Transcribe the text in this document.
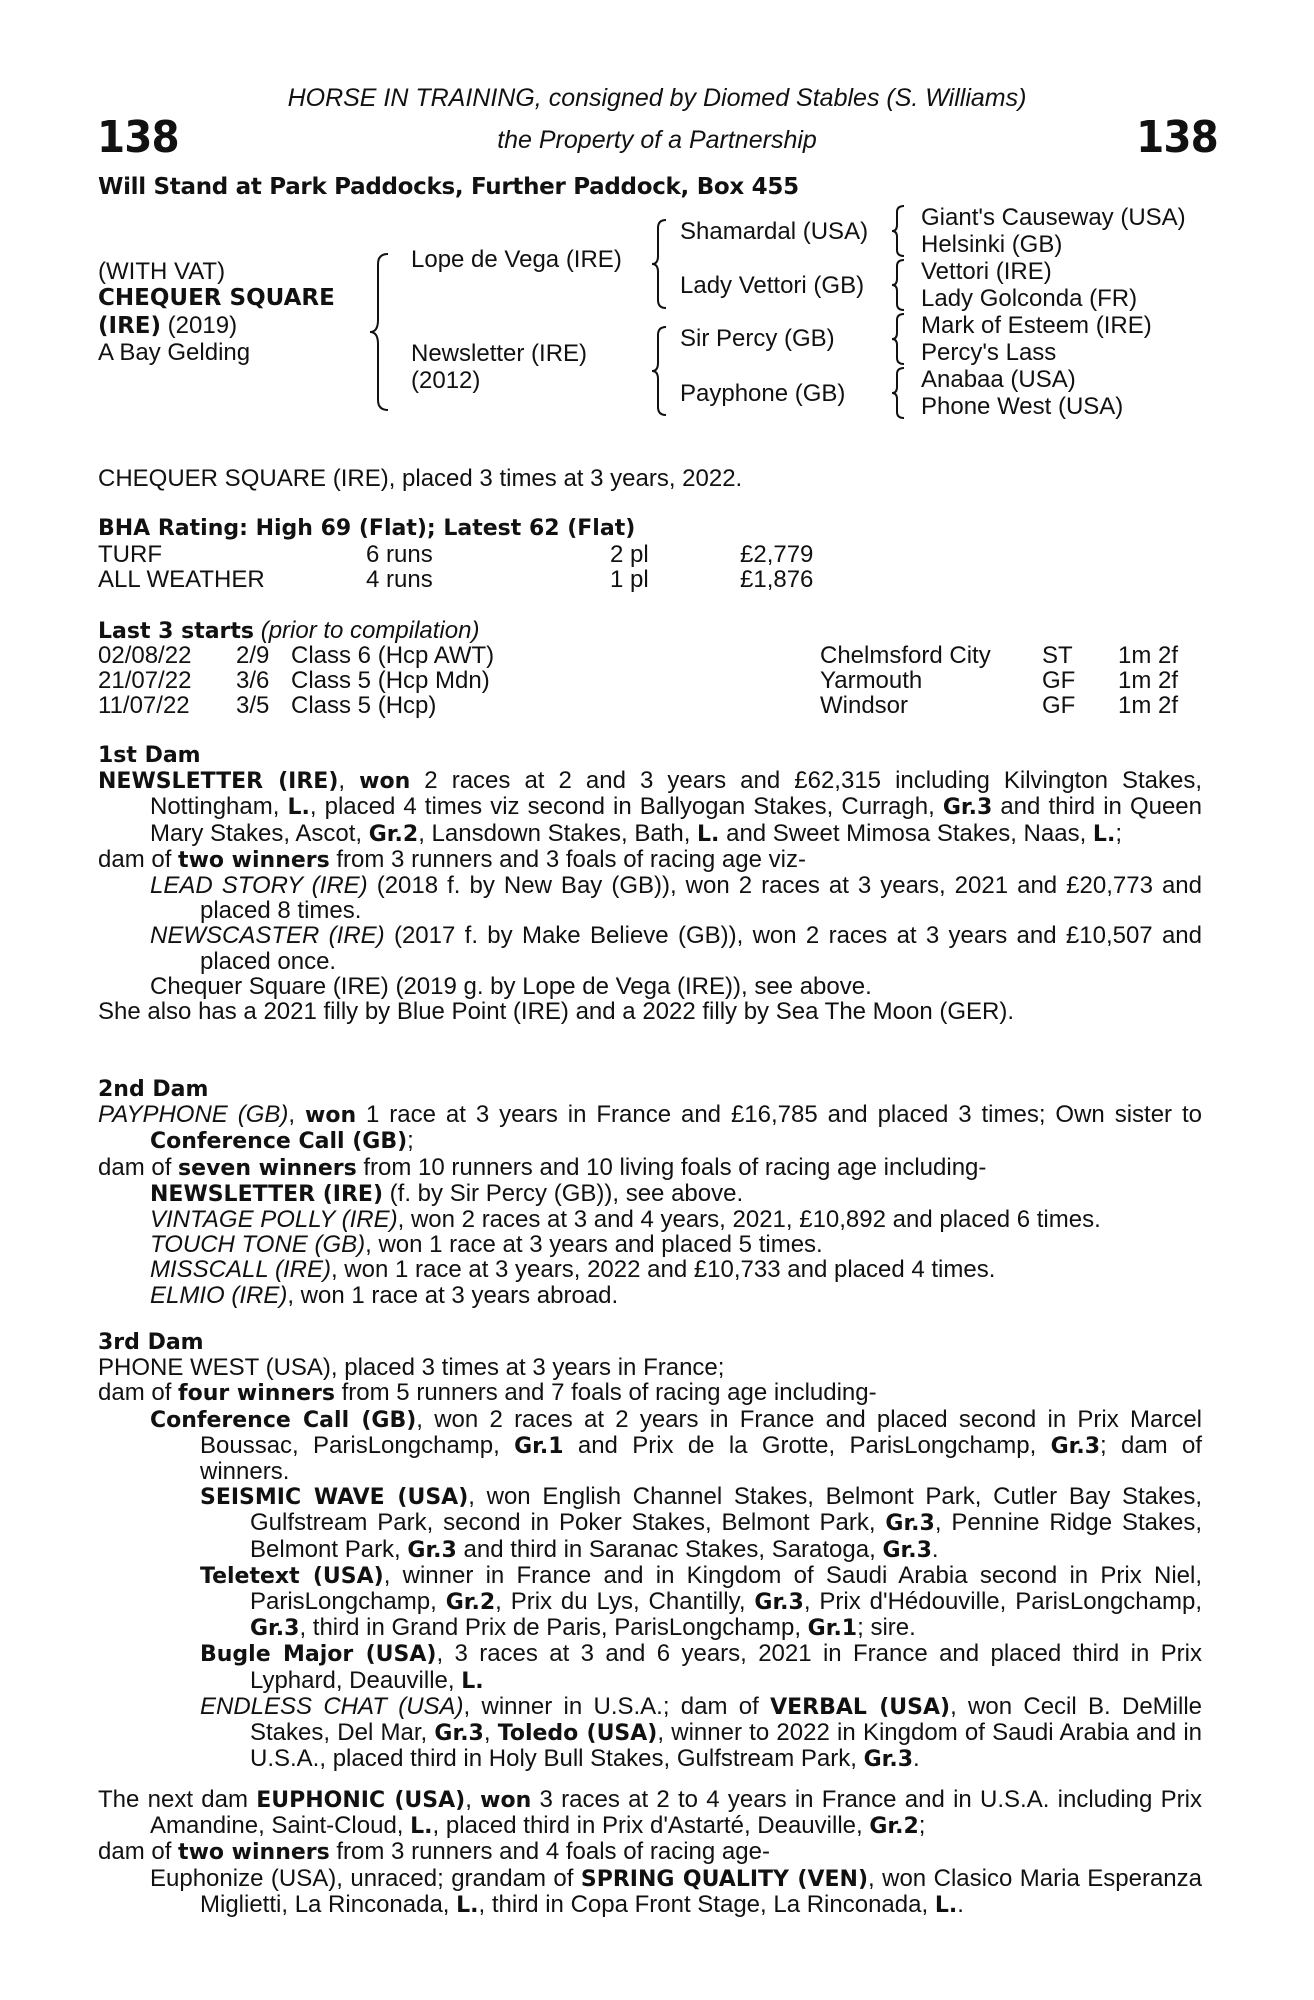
HORSE IN TRAINING, consigned by Diomed Stables (S. Williams)
the Property of a Partnership
138	138
Will Stand at Park Paddocks, Further Paddock, Box 455
(WITH VAT)
CHEQUER SQUARE
(IRE) (2019)
A Bay Gelding
Lope de Vega (IRE)
Newsletter (IRE)
(2012)
Shamardal (USA)
Lady Vettori (GB)
Sir Percy (GB)
Payphone (GB)
Giant's Causeway (USA)
Helsinki (GB)
Vettori (IRE)
Lady Golconda (FR)
Mark of Esteem (IRE)
Percy's Lass
Anabaa (USA)
Phone West (USA)
CHEQUER SQUARE (IRE), placed 3 times at 3 years, 2022.
BHA Rating: High 69 (Flat); Latest 62 (Flat)
TURF	6 runs	2 pl	£2,779
ALL WEATHER	4 runs	1 pl	£1,876
Last 3 starts (prior to compilation)
02/08/22 2/9 Class 6 (Hcp AWT)	Chelmsford City ST 1m 2f
21/07/22 3/6 Class 5 (Hcp Mdn)	Yarmouth	GF 1m 2f
11/07/22 3/5 Class 5 (Hcp)	Windsor	GF 1m 2f

1st Dam

NEWSLETTER (IRE), won 2 races at 2 and 3 years and £62,315 including Kilvington Stakes, Nottingham, L., placed 4 times viz second in Ballyogan Stakes, Curragh, Gr.3 and third in Queen Mary Stakes, Ascot, Gr.2, Lansdown Stakes, Bath, L. and Sweet Mimosa Stakes, Naas, L.;

dam of two winners from 3 runners and 3 foals of racing age viz-

LEAD STORY (IRE) (2018 f. by New Bay (GB)), won 2 races at 3 years, 2021 and £20,773 and placed 8 times.

NEWSCASTER (IRE) (2017 f. by Make Believe (GB)), won 2 races at 3 years and £10,507 and placed once.

Chequer Square (IRE) (2019 g. by Lope de Vega (IRE)), see above.

She also has a 2021 filly by Blue Point (IRE) and a 2022 filly by Sea The Moon (GER).

2nd Dam

PAYPHONE (GB), won 1 race at 3 years in France and £16,785 and placed 3 times; Own sister to Conference Call (GB);

dam of seven winners from 10 runners and 10 living foals of racing age including-

NEWSLETTER (IRE) (f. by Sir Percy (GB)), see above.

VINTAGE POLLY (IRE), won 2 races at 3 and 4 years, 2021, £10,892 and placed 6 times.

TOUCH TONE (GB), won 1 race at 3 years and placed 5 times.

MISSCALL (IRE), won 1 race at 3 years, 2022 and £10,733 and placed 4 times.

ELMIO (IRE), won 1 race at 3 years abroad.

3rd Dam

PHONE WEST (USA), placed 3 times at 3 years in France;

dam of four winners from 5 runners and 7 foals of racing age including-

Conference Call (GB), won 2 races at 2 years in France and placed second in Prix Marcel Boussac, ParisLongchamp, Gr.1 and Prix de la Grotte, ParisLongchamp, Gr.3; dam of winners.

SEISMIC WAVE (USA), won English Channel Stakes, Belmont Park, Cutler Bay Stakes, Gulfstream Park, second in Poker Stakes, Belmont Park, Gr.3, Pennine Ridge Stakes, Belmont Park, Gr.3 and third in Saranac Stakes, Saratoga, Gr.3.

Teletext (USA), winner in France and in Kingdom of Saudi Arabia second in Prix Niel, ParisLongchamp, Gr.2, Prix du Lys, Chantilly, Gr.3, Prix d'Hédouville, ParisLongchamp, Gr.3, third in Grand Prix de Paris, ParisLongchamp, Gr.1; sire.

Bugle Major (USA), 3 races at 3 and 6 years, 2021 in France and placed third in Prix Lyphard, Deauville, L.

ENDLESS CHAT (USA), winner in U.S.A.; dam of VERBAL (USA), won Cecil B. DeMille Stakes, Del Mar, Gr.3, Toledo (USA), winner to 2022 in Kingdom of Saudi Arabia and in U.S.A., placed third in Holy Bull Stakes, Gulfstream Park, Gr.3.

The next dam EUPHONIC (USA), won 3 races at 2 to 4 years in France and in U.S.A. including Prix Amandine, Saint-Cloud, L., placed third in Prix d'Astarté, Deauville, Gr.2;

dam of two winners from 3 runners and 4 foals of racing age-

Euphonize (USA), unraced; grandam of SPRING QUALITY (VEN), won Clasico Maria Esperanza Miglietti, La Rinconada, L., third in Copa Front Stage, La Rinconada, L..
